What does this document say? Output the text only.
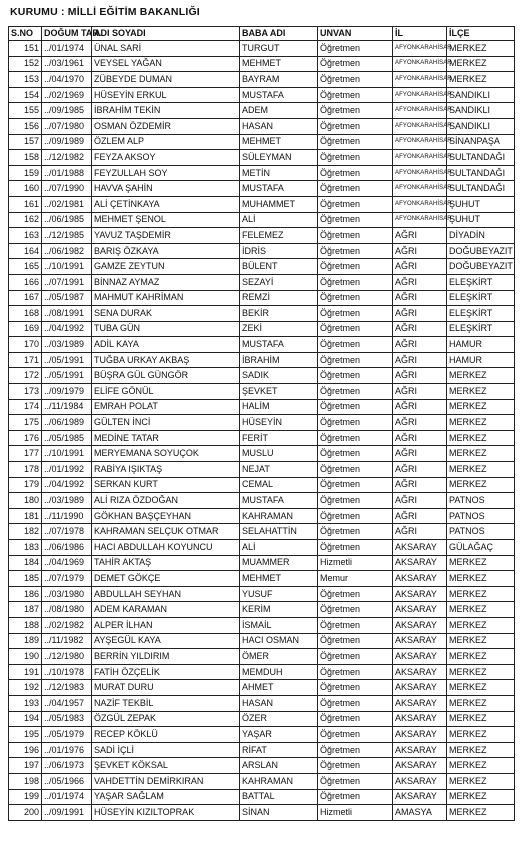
KURUMU : MİLLİ EĞİTİM BAKANLIĞI
S.NO	DOĞUM TAR.	ADI SOYADI	BABA ADI	UNVAN	İL	İLÇE
151	../01/1974	ÜNAL SARİ	TURGUT	Öğretmen	AFYONKARAHİSAR	MERKEZ
152	../03/1961	VEYSEL YAĞAN	MEHMET	Öğretmen	AFYONKARAHİSAR	MERKEZ
153	../04/1970	ZÜBEYDE DUMAN	BAYRAM	Öğretmen	AFYONKARAHİSAR	MERKEZ
154	../02/1969	HÜSEYİN ERKUL	MUSTAFA	Öğretmen	AFYONKARAHİSAR	SANDIKLI
155	../09/1985	İBRAHİM TEKİN	ADEM	Öğretmen	AFYONKARAHİSAR	SANDIKLI
156	../07/1980	OSMAN ÖZDEMİR	HASAN	Öğretmen	AFYONKARAHİSAR	SANDIKLI
157	../09/1989	ÖZLEM ALP	MEHMET	Öğretmen	AFYONKARAHİSAR	SİNANPAŞA
158	../12/1982	FEYZA AKSOY	SÜLEYMAN	Öğretmen	AFYONKARAHİSAR	SULTANDAĞI
159	../01/1988	FEYZULLAH SOY	METİN	Öğretmen	AFYONKARAHİSAR	SULTANDAĞI
160	../07/1990	HAVVA ŞAHİN	MUSTAFA	Öğretmen	AFYONKARAHİSAR	SULTANDAĞI
161	../02/1981	ALİ ÇETİNKAYA	MUHAMMET	Öğretmen	AFYONKARAHİSAR	ŞUHUT
162	../06/1985	MEHMET ŞENOL	ALİ	Öğretmen	AFYONKARAHİSAR	ŞUHUT
163	../12/1985	YAVUZ TAŞDEMİR	FELEMEZ	Öğretmen	AĞRI	DİYADİN
164	../06/1982	BARIŞ ÖZKAYA	İDRİS	Öğretmen	AĞRI	DOĞUBEYAZIT
165	../10/1991	GAMZE ZEYTUN	BÜLENT	Öğretmen	AĞRI	DOĞUBEYAZIT
166	../07/1991	BİNNAZ AYMAZ	SEZAYİ	Öğretmen	AĞRI	ELEŞKİRT
167	../05/1987	MAHMUT KAHRİMAN	REMZİ	Öğretmen	AĞRI	ELEŞKİRT
168	../08/1991	SENA DURAK	BEKİR	Öğretmen	AĞRI	ELEŞKİRT
169	../04/1992	TUBA GÜN	ZEKİ	Öğretmen	AĞRI	ELEŞKİRT
170	../03/1989	ADİL KAYA	MUSTAFA	Öğretmen	AĞRI	HAMUR
171	../05/1991	TUĞBA URKAY AKBAŞ	İBRAHİM	Öğretmen	AĞRI	HAMUR
172	../05/1991	BÜŞRA GÜL GÜNGÖR	SADIK	Öğretmen	AĞRI	MERKEZ
173	../09/1979	ELİFE GÖNÜL	ŞEVKET	Öğretmen	AĞRI	MERKEZ
174	../11/1984	EMRAH POLAT	HALİM	Öğretmen	AĞRI	MERKEZ
175	../06/1989	GÜLTEN İNCİ	HÜSEYİN	Öğretmen	AĞRI	MERKEZ
176	../05/1985	MEDİNE TATAR	FERİT	Öğretmen	AĞRI	MERKEZ
177	../10/1991	MERYEMANA SOYUÇOK	MUSLU	Öğretmen	AĞRI	MERKEZ
178	../01/1992	RABİYA IŞIKTAŞ	NEJAT	Öğretmen	AĞRI	MERKEZ
179	../04/1992	SERKAN KURT	CEMAL	Öğretmen	AĞRI	MERKEZ
180	../03/1989	ALİ RIZA ÖZDOĞAN	MUSTAFA	Öğretmen	AĞRI	PATNOS
181	../11/1990	GÖKHAN BAŞÇEYHAN	KAHRAMAN	Öğretmen	AĞRI	PATNOS
182	../07/1978	KAHRAMAN SELÇUK OTMAR	SELAHATTİN	Öğretmen	AĞRI	PATNOS
183	../06/1986	HACI ABDULLAH KOYUNCU	ALİ	Öğretmen	AKSARAY	GÜLAĞAÇ
184	../04/1969	TAHİR AKTAŞ	MUAMMER	Hizmetli	AKSARAY	MERKEZ
185	../07/1979	DEMET GÖKÇE	MEHMET	Memur	AKSARAY	MERKEZ
186	../03/1980	ABDULLAH SEYHAN	YUSUF	Öğretmen	AKSARAY	MERKEZ
187	../08/1980	ADEM KARAMAN	KERİM	Öğretmen	AKSARAY	MERKEZ
188	../02/1982	ALPER İLHAN	İSMAİL	Öğretmen	AKSARAY	MERKEZ
189	../11/1982	AYŞEGÜL KAYA	HACI OSMAN	Öğretmen	AKSARAY	MERKEZ
190	../12/1980	BERRİN YILDIRIM	ÖMER	Öğretmen	AKSARAY	MERKEZ
191	../10/1978	FATİH ÖZÇELİK	MEMDUH	Öğretmen	AKSARAY	MERKEZ
192	../12/1983	MURAT DURU	AHMET	Öğretmen	AKSARAY	MERKEZ
193	../04/1957	NAZİF TEKBİL	HASAN	Öğretmen	AKSARAY	MERKEZ
194	../05/1983	ÖZGÜL ZEPAK	ÖZER	Öğretmen	AKSARAY	MERKEZ
195	../05/1979	RECEP KÖKLÜ	YAŞAR	Öğretmen	AKSARAY	MERKEZ
196	../01/1976	SADİ İÇLİ	RİFAT	Öğretmen	AKSARAY	MERKEZ
197	../06/1973	ŞEVKET KÖKSAL	ARSLAN	Öğretmen	AKSARAY	MERKEZ
198	../05/1966	VAHDETTİN DEMİRKIRAN	KAHRAMAN	Öğretmen	AKSARAY	MERKEZ
199	../01/1974	YAŞAR SAĞLAM	BATTAL	Öğretmen	AKSARAY	MERKEZ
200	../09/1991	HÜSEYİN KIZILTOPRAK	SİNAN	Hizmetli	AMASYA	MERKEZ
